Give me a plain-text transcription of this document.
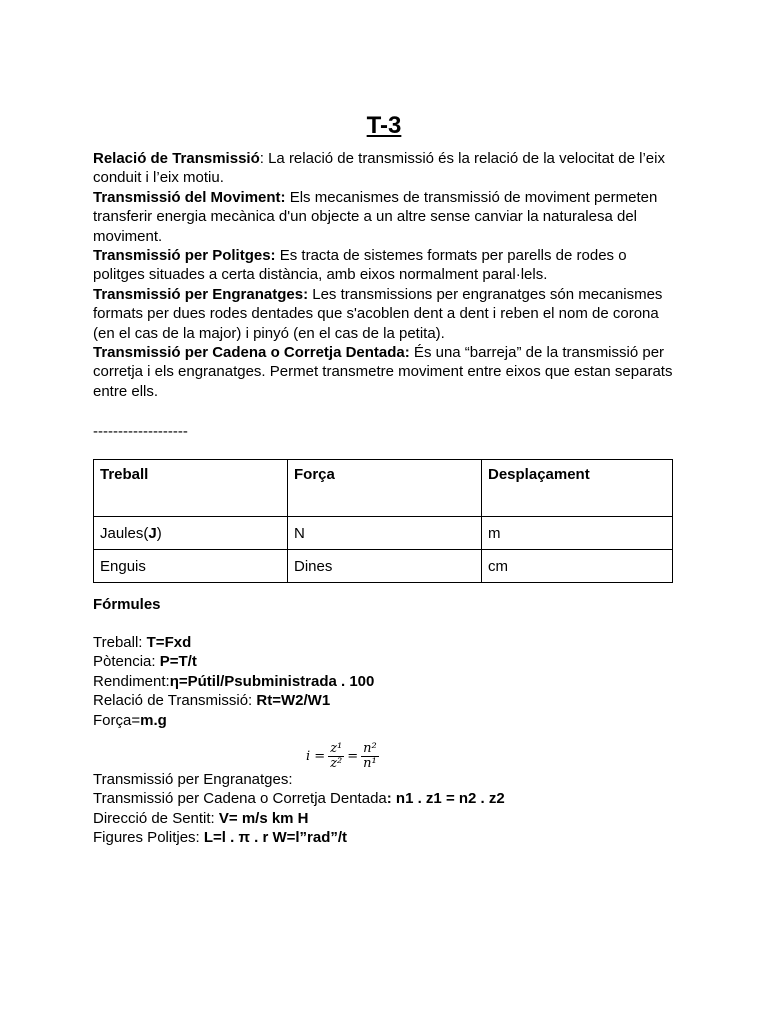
T-3

Relació de Transmissió: La relació de transmissió és la relació de la velocitat de l’eix conduit i l’eix motiu.

Transmissió del Moviment: Els mecanismes de transmissió de moviment permeten transferir energia mecànica d'un objecte a un altre sense canviar la naturalesa del moviment.

Transmissió per Politges: Es tracta de sistemes formats per parells de rodes o politges situades a certa distància, amb eixos normalment paral·lels.

Transmissió per Engranatges: Les transmissions per engranatges són mecanismes formats per dues rodes dentades que s'acoblen dent a dent i reben el nom de corona (en el cas de la major) i pinyó (en el cas de la petita).

Transmissió per Cadena o Corretja Dentada: És una “barreja” de la transmissió per corretja i els engranatges. Permet transmetre moviment entre eixos que estan separats entre ells.

-------------------
Treball	Força	Desplaçament
Jaules(J)	N	m
Enguis	Dines	cm
Fórmules
Treball: T=Fxd
Pòtencia: P=T/t
Rendiment:η=Pútil/Psubministrada . 100
Relació de Transmissió: Rt=W2/W1
Força=m.g
$i = \frac{\text{z¹}}{\text{z²}} = \frac{\text{n²}}{\text{n¹}}$
Transmissió per Engranatges:
Transmissió per Cadena o Corretja Dentada: n1 . z1 = n2 . z2
Direcció de Sentit: V= m/s km H
Figures Politjes: L=l . π . r W=l”rad”/t
